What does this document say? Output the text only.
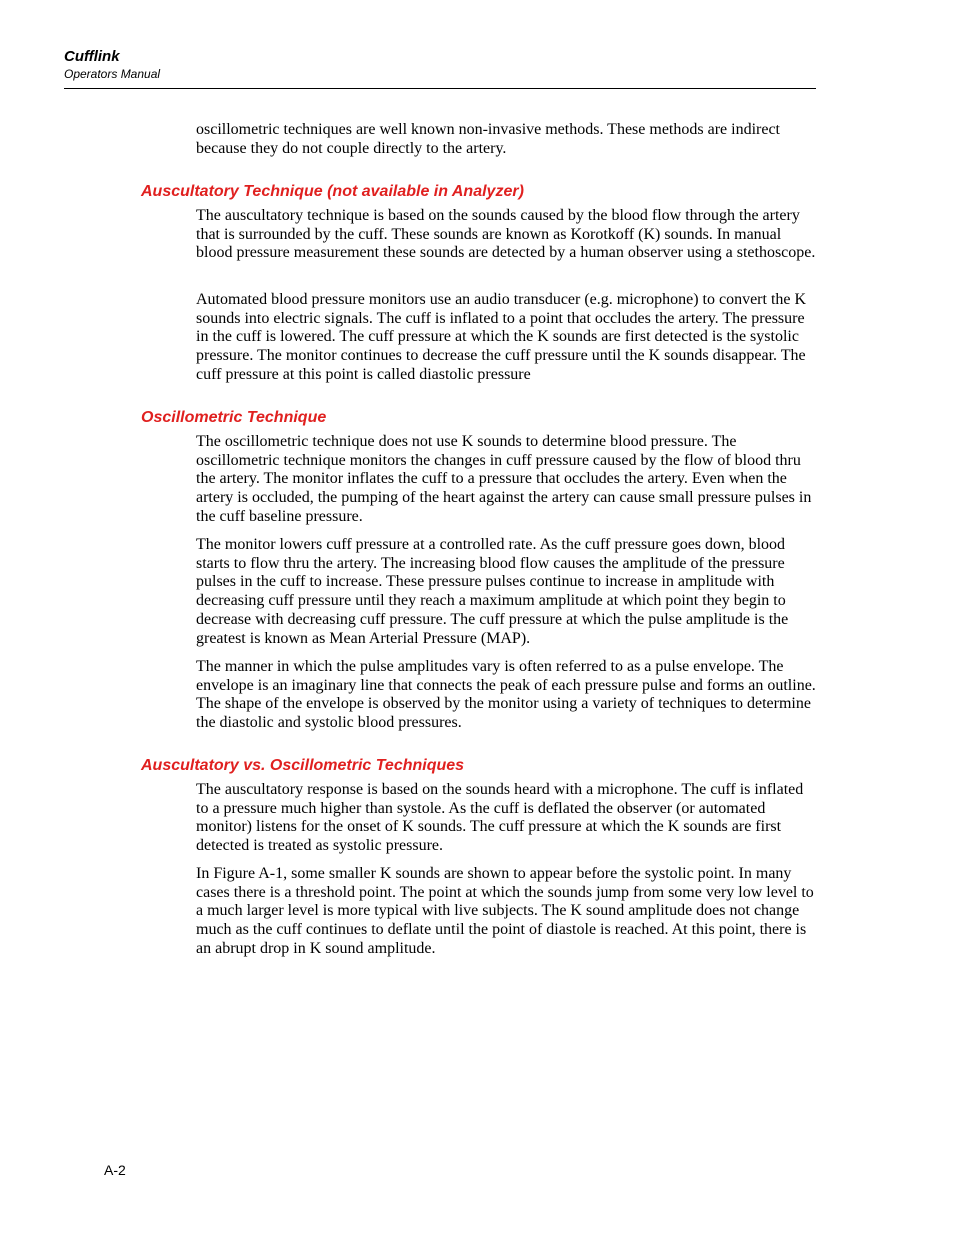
Cufflink

Operators Manual

oscillometric techniques are well known non-invasive methods. These methods are indirect because they do not couple directly to the artery.

Auscultatory Technique (not available in Analyzer)

The auscultatory technique is based on the sounds caused by the blood flow through the artery that is surrounded by the cuff. These sounds are known as Korotkoff (K) sounds. In manual blood pressure measurement these sounds are detected by a human observer using a stethoscope.

Automated blood pressure monitors use an audio transducer (e.g. microphone) to convert the K sounds into electric signals. The cuff is inflated to a point that occludes the artery. The pressure in the cuff is lowered. The cuff pressure at which the K sounds are first detected is the systolic pressure. The monitor continues to decrease the cuff pressure until the K sounds disappear. The cuff pressure at this point is called diastolic pressure

Oscillometric Technique

The oscillometric technique does not use K sounds to determine blood pressure. The oscillometric technique monitors the changes in cuff pressure caused by the flow of blood thru the artery. The monitor inflates the cuff to a pressure that occludes the artery. Even when the artery is occluded, the pumping of the heart against the artery can cause small pressure pulses in the cuff baseline pressure.

The monitor lowers cuff pressure at a controlled rate. As the cuff pressure goes down, blood starts to flow thru the artery. The increasing blood flow causes the amplitude of the pressure pulses in the cuff to increase. These pressure pulses continue to increase in amplitude with decreasing cuff pressure until they reach a maximum amplitude at which point they begin to decrease with decreasing cuff pressure. The cuff pressure at which the pulse amplitude is the greatest is known as Mean Arterial Pressure (MAP).

The manner in which the pulse amplitudes vary is often referred to as a pulse envelope. The envelope is an imaginary line that connects the peak of each pressure pulse and forms an outline. The shape of the envelope is observed by the monitor using a variety of techniques to determine the diastolic and systolic blood pressures.

Auscultatory vs. Oscillometric Techniques

The auscultatory response is based on the sounds heard with a microphone. The cuff is inflated to a pressure much higher than systole. As the cuff is deflated the observer (or automated monitor) listens for the onset of K sounds. The cuff pressure at which the K sounds are first detected is treated as systolic pressure.

In Figure A-1, some smaller K sounds are shown to appear before the systolic point. In many cases there is a threshold point. The point at which the sounds jump from some very low level to a much larger level is more typical with live subjects. The K sound amplitude does not change much as the cuff continues to deflate until the point of diastole is reached. At this point, there is an abrupt drop in K sound amplitude.

A-2
